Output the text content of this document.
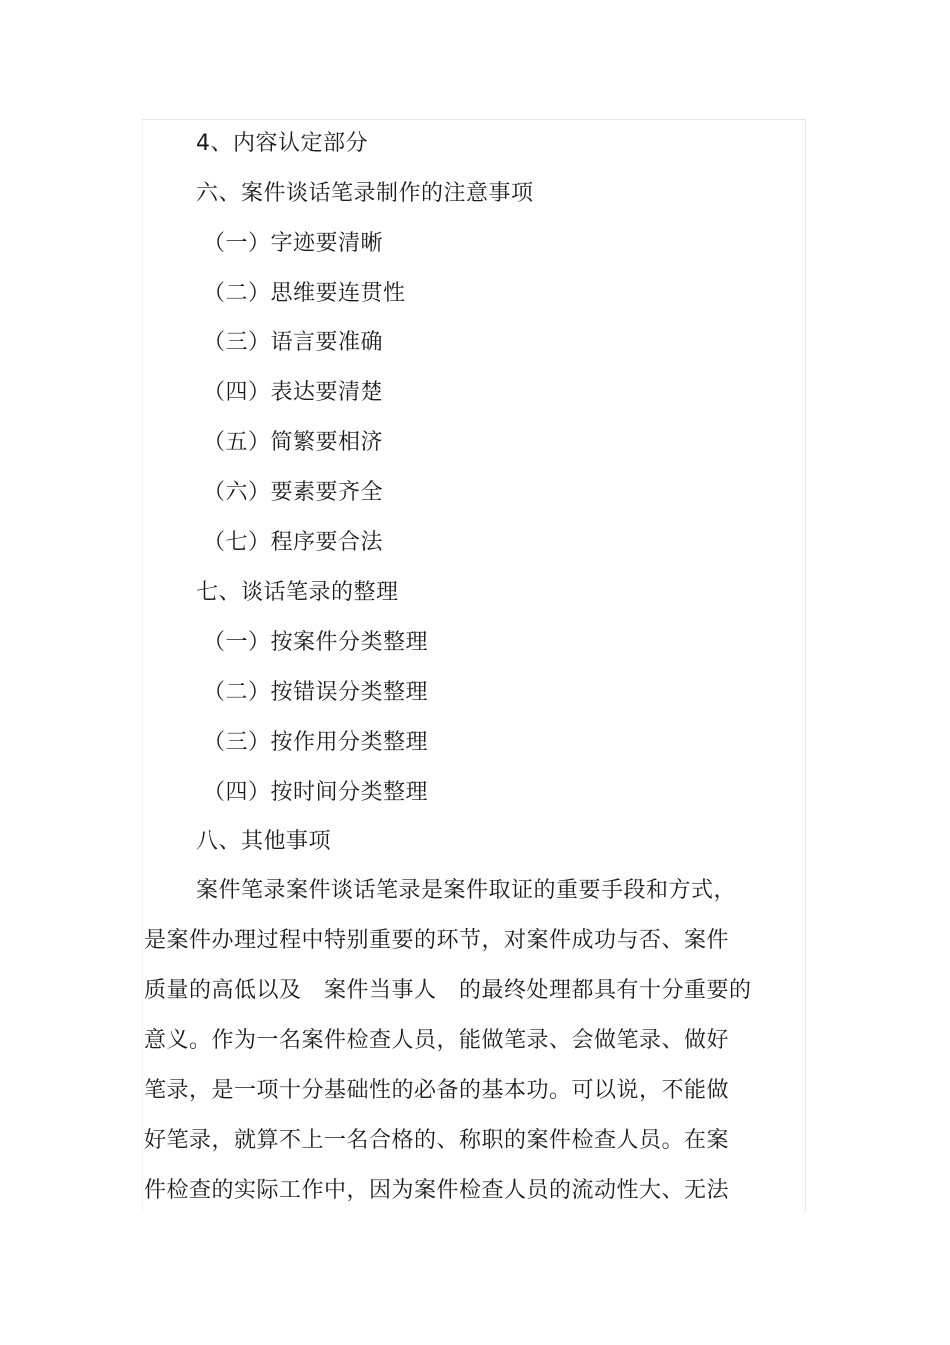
4、内容认定部分
六、案件谈话笔录制作的注意事项
（一）字迹要清晰
（二）思维要连贯性
（三）语言要准确
（四）表达要清楚
（五）简繁要相济
（六）要素要齐全
（七）程序要合法
七、谈话笔录的整理
（一）按案件分类整理
（二）按错误分类整理
（三）按作用分类整理
（四）按时间分类整理
八、其他事项
案件笔录案件谈话笔录是案件取证的重要手段和方式，
是案件办理过程中特别重要的环节，对案件成功与否、案件
质量的高低以及　案件当事人　的最终处理都具有十分重要的
意义。作为一名案件检查人员，能做笔录、会做笔录、做好
笔录，是一项十分基础性的必备的基本功。可以说，不能做
好笔录，就算不上一名合格的、称职的案件检查人员。在案
件检查的实际工作中，因为案件检查人员的流动性大、无法
